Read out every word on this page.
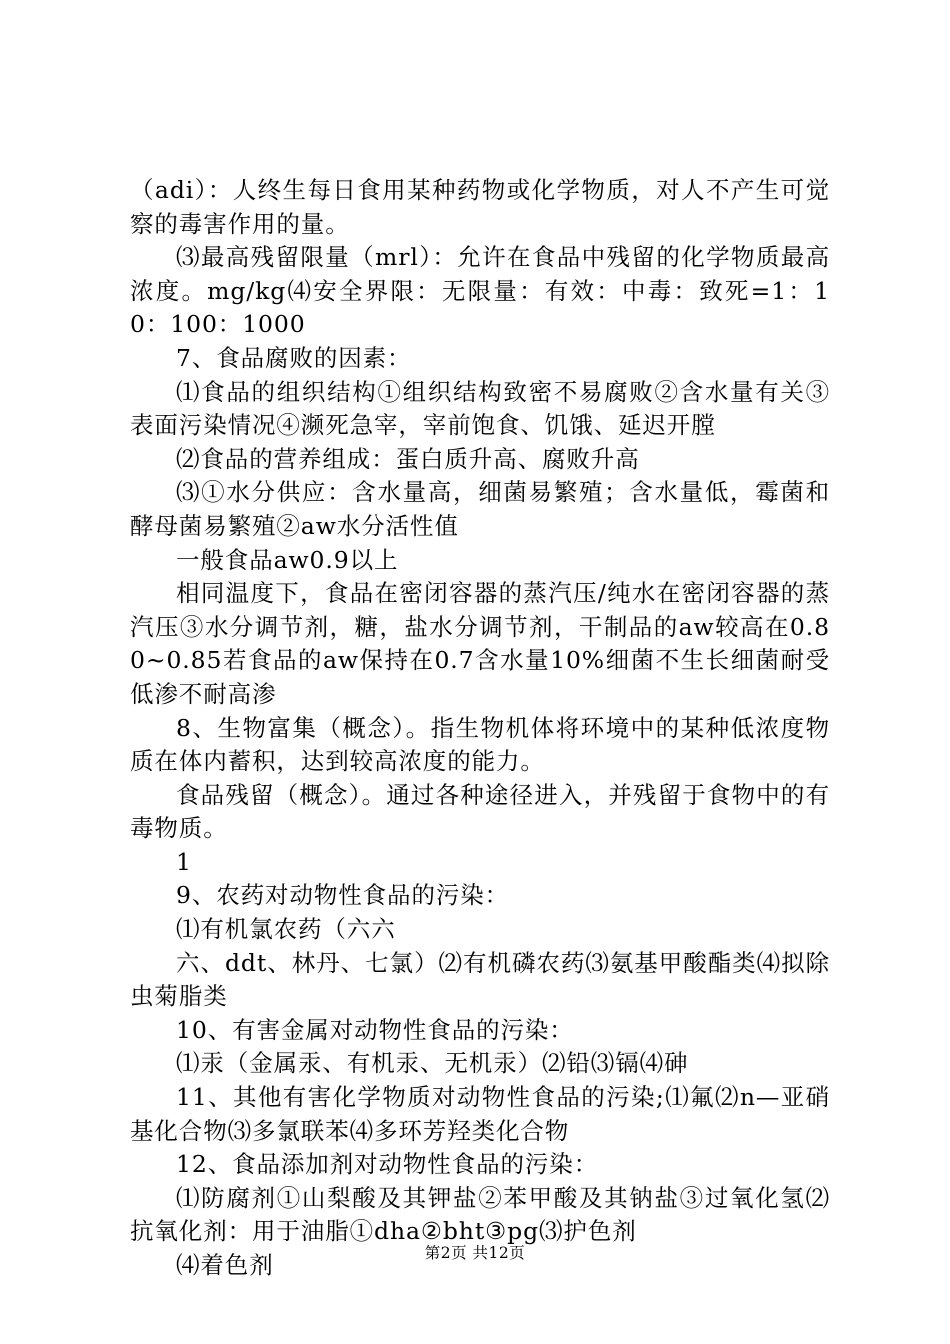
（adi）：人终生每日食用某种药物或化学物质，对人不产生可觉察的毒害作用的量。

⑶最高残留限量（mrl）：允许在食品中残留的化学物质最高浓度。mg/kg⑷安全界限：无限量：有效：中毒：致死=1：10：100：1000

7、食品腐败的因素：

⑴食品的组织结构①组织结构致密不易腐败②含水量有关③表面污染情况④濒死急宰，宰前饱食、饥饿、延迟开膛

⑵食品的营养组成：蛋白质升高、腐败升高

⑶①水分供应：含水量高，细菌易繁殖；含水量低，霉菌和酵母菌易繁殖②aw水分活性值

一般食品aw0.9以上

相同温度下，食品在密闭容器的蒸汽压/纯水在密闭容器的蒸汽压③水分调节剂，糖，盐水分调节剂，干制品的aw较高在0.80~0.85若食品的aw保持在0.7含水量10%细菌不生长细菌耐受低渗不耐高渗

8、生物富集（概念）。指生物机体将环境中的某种低浓度物质在体内蓄积，达到较高浓度的能力。

食品残留（概念）。通过各种途径进入，并残留于食物中的有毒物质。

1

9、农药对动物性食品的污染：

⑴有机氯农药（六六

六、ddt、林丹、七氯）⑵有机磷农药⑶氨基甲酸酯类⑷拟除虫菊脂类

10、有害金属对动物性食品的污染：

⑴汞（金属汞、有机汞、无机汞）⑵铅⑶镉⑷砷

11、其他有害化学物质对动物性食品的污染;⑴氟⑵n—亚硝基化合物⑶多氯联苯⑷多环芳羟类化合物

12、食品添加剂对动物性食品的污染：

⑴防腐剂①山梨酸及其钾盐②苯甲酸及其钠盐③过氧化氢⑵抗氧化剂：用于油脂①dha②bht③pg⑶护色剂

⑷着色剂	第2页 共12页
